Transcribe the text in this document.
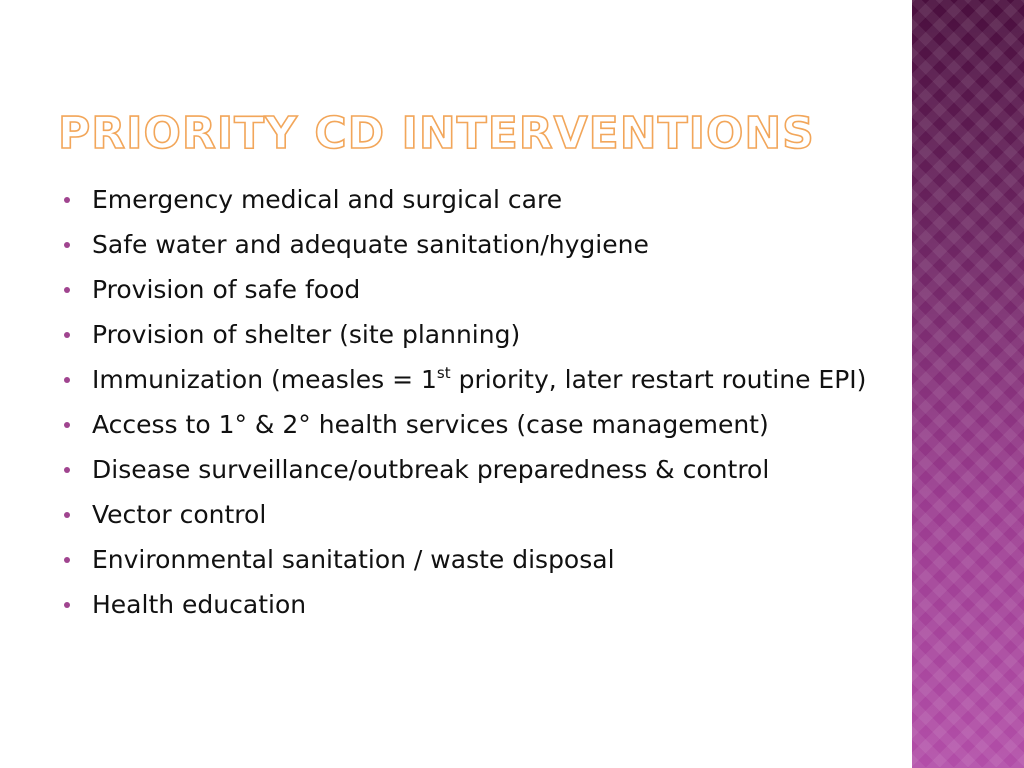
PRIORITY CD INTERVENTIONS
Emergency medical and surgical care
Safe water and adequate sanitation/hygiene
Provision of safe food
Provision of shelter (site planning)
Immunization (measles = 1st priority, later restart routine EPI)
Access to 1° & 2° health services (case management)
Disease surveillance/outbreak preparedness & control
Vector control
Environmental sanitation / waste disposal
Health education
